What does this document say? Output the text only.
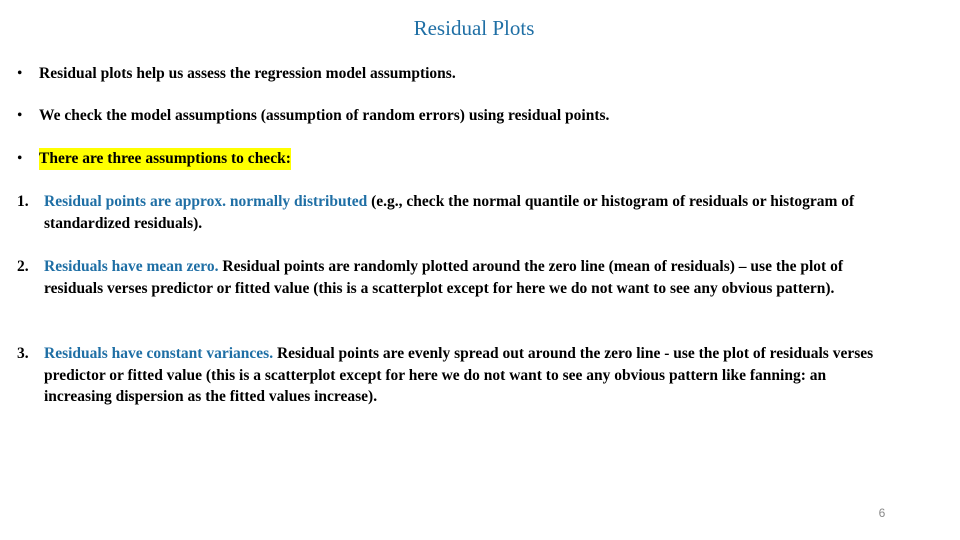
Residual Plots
•	Residual plots help us assess the regression model assumptions.
•	We check the model assumptions (assumption of random errors) using residual points.
•	There are three assumptions to check:
1. Residual points are approx. normally distributed (e.g., check the normal quantile or histogram of residuals or histogram of standardized residuals).
2. Residuals have mean zero. Residual points are randomly plotted around the zero line (mean of residuals) – use the plot of residuals verses predictor or fitted value (this is a scatterplot except for here we do not want to see any obvious pattern).
3. Residuals have constant variances. Residual points are evenly spread out around the zero line - use the plot of residuals verses predictor or fitted value (this is a scatterplot except for here we do not want to see any obvious pattern like fanning: an increasing dispersion as the fitted values increase).
6
